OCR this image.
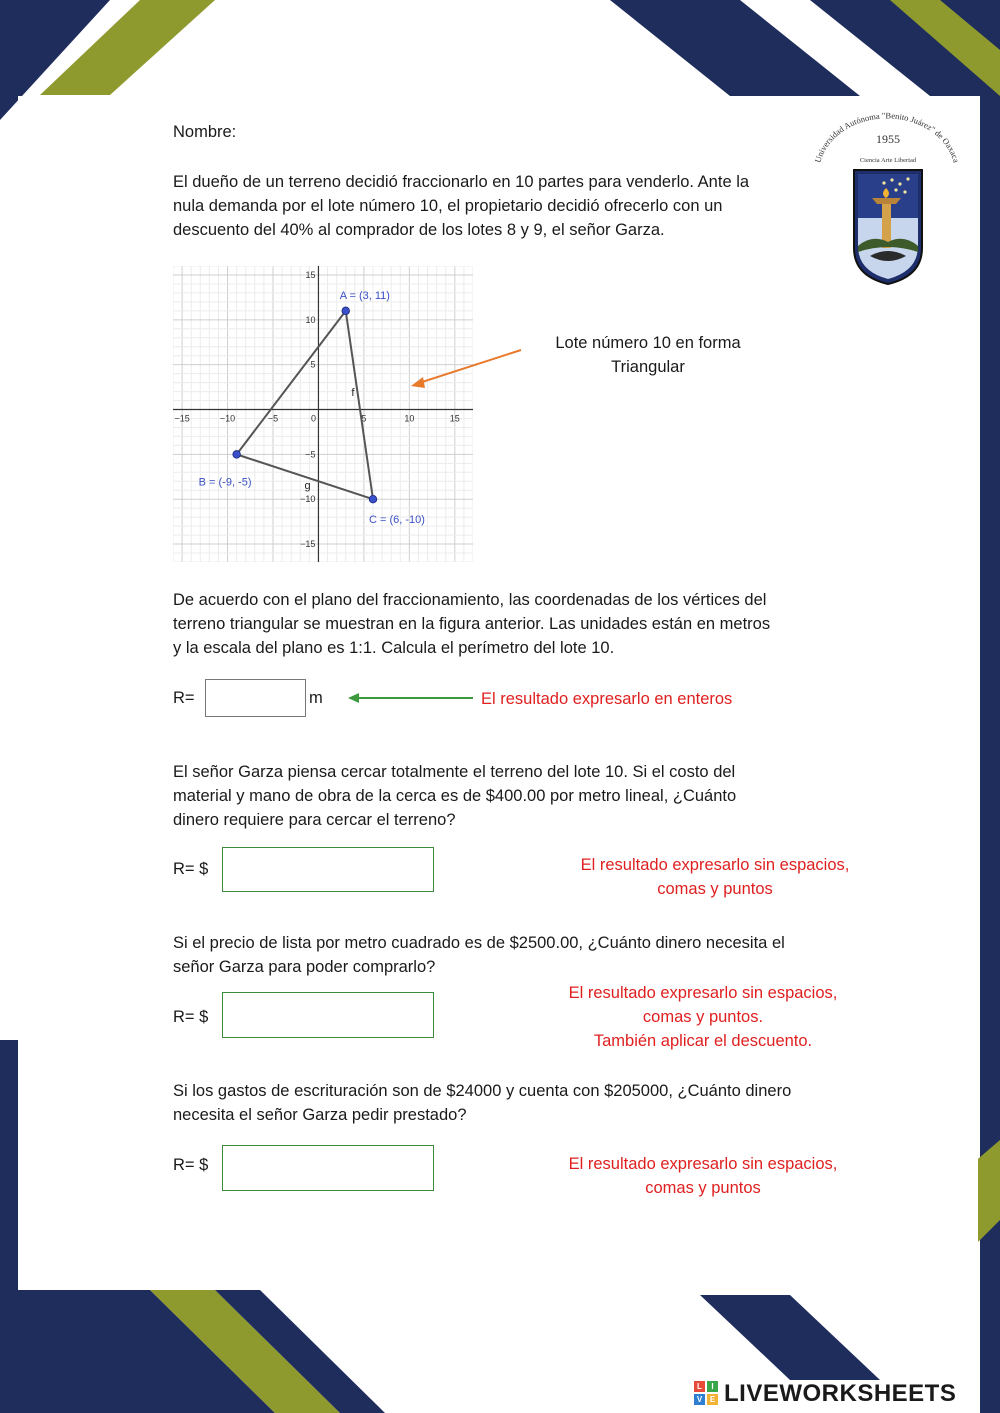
Nombre:
El dueño de un terreno decidió fraccionarlo en 10 partes para venderlo. Ante la
nula demanda por el lote número 10, el propietario decidió ofrecerlo con un
descuento del 40% al comprador de los lotes 8 y 9, el señor Garza.
Universidad Autónoma "Benito Juárez" de Oaxaca
1955
Ciencia Arte Libertad
−15	−10	−5	0	5	10	15
15
10
5
−5
−10
−15
f
g
A = (3, 11)
B = (-9, -5)
C = (6, -10)
Lote número 10 en forma
Triangular
De acuerdo con el plano del fraccionamiento, las coordenadas de los vértices del
terreno triangular se muestran en la figura anterior. Las unidades están en metros
y la escala del plano es 1:1. Calcula el perímetro del lote 10.
R=	m	El resultado expresarlo en enteros
El señor Garza piensa cercar totalmente el terreno del lote 10. Si el costo del
material y mano de obra de la cerca es de $400.00 por metro lineal, ¿Cuánto
dinero requiere para cercar el terreno?
R= $	El resultado expresarlo sin espacios,
comas y puntos
Si el precio de lista por metro cuadrado es de $2500.00, ¿Cuánto dinero necesita el
señor Garza para poder comprarlo?
R= $
El resultado expresarlo sin espacios,
comas y puntos.
También aplicar el descuento.
Si los gastos de escrituración son de $24000 y cuenta con $205000, ¿Cuánto dinero
necesita el señor Garza pedir prestado?
R= $	El resultado expresarlo sin espacios,
comas y puntos
L	I
V E LIVEWORKSHEETS
